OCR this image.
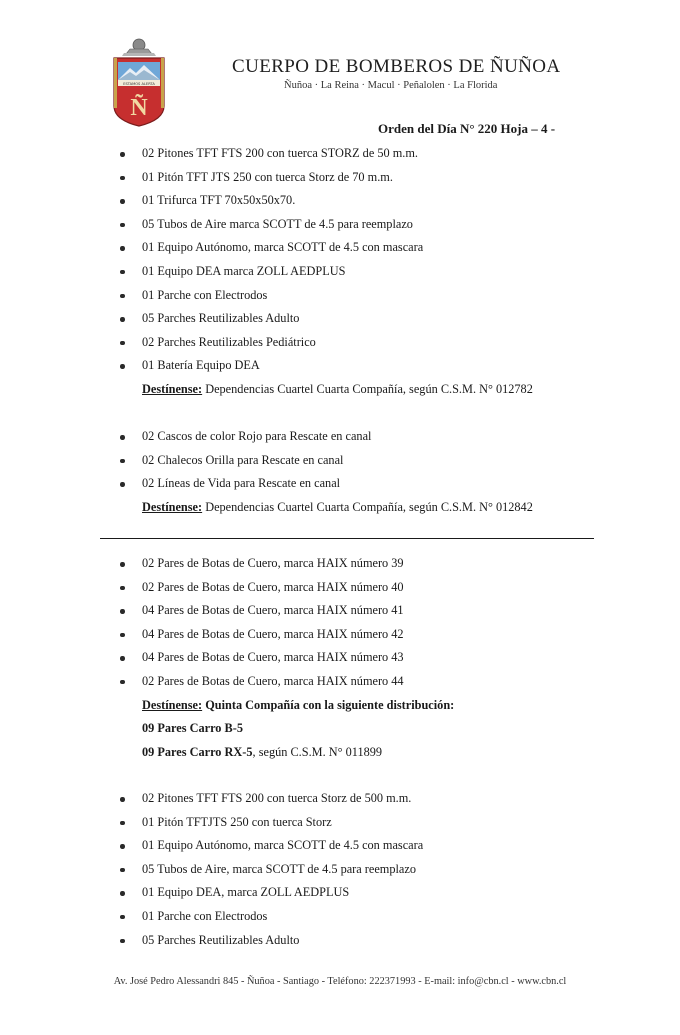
ESTAMOS ALERTA
Ñ
CUERPO DE BOMBEROS DE ÑUÑOA
Ñuñoa · La Reina · Macul · Peñalolen · La Florida
Orden del Día N° 220 Hoja – 4 -
02 Pitones TFT FTS 200 con tuerca STORZ de 50 m.m.
01 Pitón TFT JTS 250 con tuerca Storz de 70 m.m.
01 Trifurca TFT 70x50x50x70.
05 Tubos de Aire marca SCOTT de 4.5 para reemplazo
01 Equipo Autónomo, marca SCOTT de 4.5 con mascara
01 Equipo DEA marca ZOLL AEDPLUS
01 Parche con Electrodos
05 Parches Reutilizables Adulto
02 Parches Reutilizables Pediátrico
01 Batería Equipo DEA
Destínense: Dependencias Cuartel Cuarta Compañía, según C.S.M. N° 012782
02 Cascos de color Rojo para Rescate en canal
02 Chalecos Orilla para Rescate en canal
02 Líneas de Vida para Rescate en canal
Destínense: Dependencias Cuartel Cuarta Compañía, según C.S.M. N° 012842
02 Pares de Botas de Cuero, marca HAIX número 39
02 Pares de Botas de Cuero, marca HAIX número 40
04 Pares de Botas de Cuero, marca HAIX número 41
04 Pares de Botas de Cuero, marca HAIX número 42
04 Pares de Botas de Cuero, marca HAIX número 43
02 Pares de Botas de Cuero, marca HAIX número 44
Destínense: Quinta Compañía con la siguiente distribución:
09 Pares Carro B-5
09 Pares Carro RX-5, según C.S.M. N° 011899
02 Pitones TFT FTS 200 con tuerca Storz de 500 m.m.
01 Pitón TFTJTS 250 con tuerca Storz
01 Equipo Autónomo, marca SCOTT de 4.5 con mascara
05 Tubos de Aire, marca SCOTT de 4.5 para reemplazo
01 Equipo DEA, marca ZOLL AEDPLUS
01 Parche con Electrodos
05 Parches Reutilizables Adulto
Av. José Pedro Alessandri 845 - Ñuñoa - Santiago - Teléfono: 222371993 - E-mail: info@cbn.cl - www.cbn.cl
